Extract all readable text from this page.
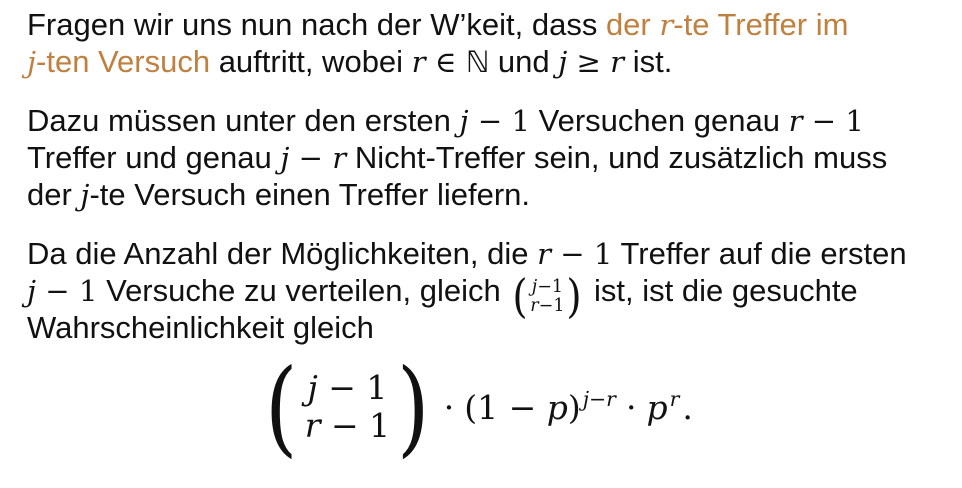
Fragen wir uns nun nach der W’keit, dass der r-te Treffer im
j-ten Versuch auftritt, wobei r ∈ ℕ und j ≥ r ist.
Dazu müssen unter den ersten j − 1 Versuchen genau r − 1
Treffer und genau j − r Nicht-Treffer sein, und zusätzlich muss
der j-te Versuch einen Treffer liefern.
Da die Anzahl der Möglichkeiten, die r − 1 Treffer auf die ersten
j − 1 Versuche zu verteilen, gleich ( j−1
r−1 ) ist, ist die gesuchte
Wahrscheinlichkeit gleich
( j − 1
r − 1 ) · $(1 - p)^{j-r} \cdot p^r$ .
